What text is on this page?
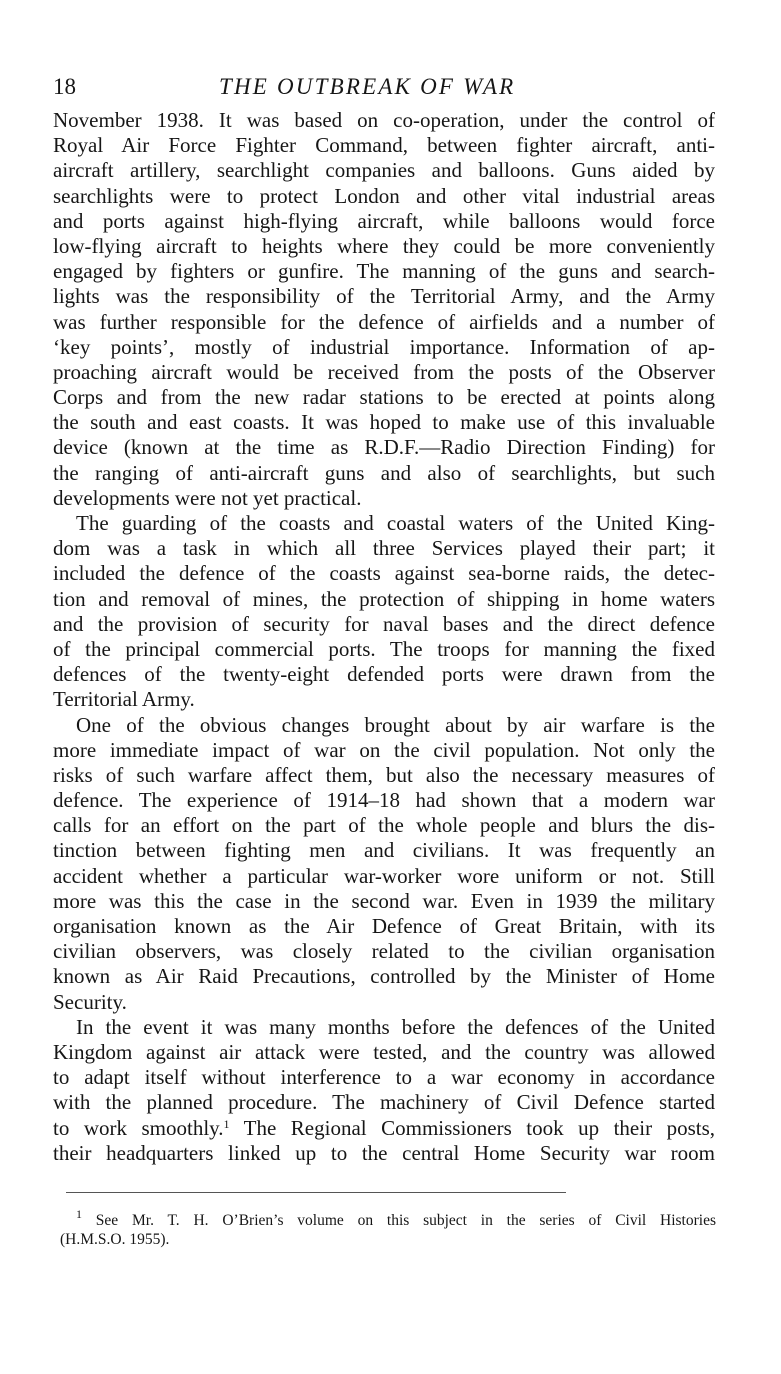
18	THE OUTBREAK OF WAR
November 1938. It was based on co-operation, under the control of
Royal Air Force Fighter Command, between fighter aircraft, anti-
aircraft artillery, searchlight companies and balloons. Guns aided by
searchlights were to protect London and other vital industrial areas
and ports against high-flying aircraft, while balloons would force
low-flying aircraft to heights where they could be more conveniently
engaged by fighters or gunfire. The manning of the guns and search-
lights was the responsibility of the Territorial Army, and the Army
was further responsible for the defence of airfields and a number of
‘key points’, mostly of industrial importance. Information of ap-
proaching aircraft would be received from the posts of the Observer
Corps and from the new radar stations to be erected at points along
the south and east coasts. It was hoped to make use of this invaluable
device (known at the time as R.D.F.—Radio Direction Finding) for
the ranging of anti-aircraft guns and also of searchlights, but such
developments were not yet practical.
The guarding of the coasts and coastal waters of the United King-
dom was a task in which all three Services played their part; it
included the defence of the coasts against sea-borne raids, the detec-
tion and removal of mines, the protection of shipping in home waters
and the provision of security for naval bases and the direct defence
of the principal commercial ports. The troops for manning the fixed
defences of the twenty-eight defended ports were drawn from the
Territorial Army.
One of the obvious changes brought about by air warfare is the
more immediate impact of war on the civil population. Not only the
risks of such warfare affect them, but also the necessary measures of
defence. The experience of 1914–18 had shown that a modern war
calls for an effort on the part of the whole people and blurs the dis-
tinction between fighting men and civilians. It was frequently an
accident whether a particular war-worker wore uniform or not. Still
more was this the case in the second war. Even in 1939 the military
organisation known as the Air Defence of Great Britain, with its
civilian observers, was closely related to the civilian organisation
known as Air Raid Precautions, controlled by the Minister of Home
Security.
In the event it was many months before the defences of the United
Kingdom against air attack were tested, and the country was allowed
to adapt itself without interference to a war economy in accordance
with the planned procedure. The machinery of Civil Defence started
to work smoothly.$^1$ The Regional Commissioners took up their posts,
their headquarters linked up to the central Home Security war room
$^1$ See Mr. T. H. O’Brien’s volume on this subject in the series of Civil Histories
(H.M.S.O. 1955).
